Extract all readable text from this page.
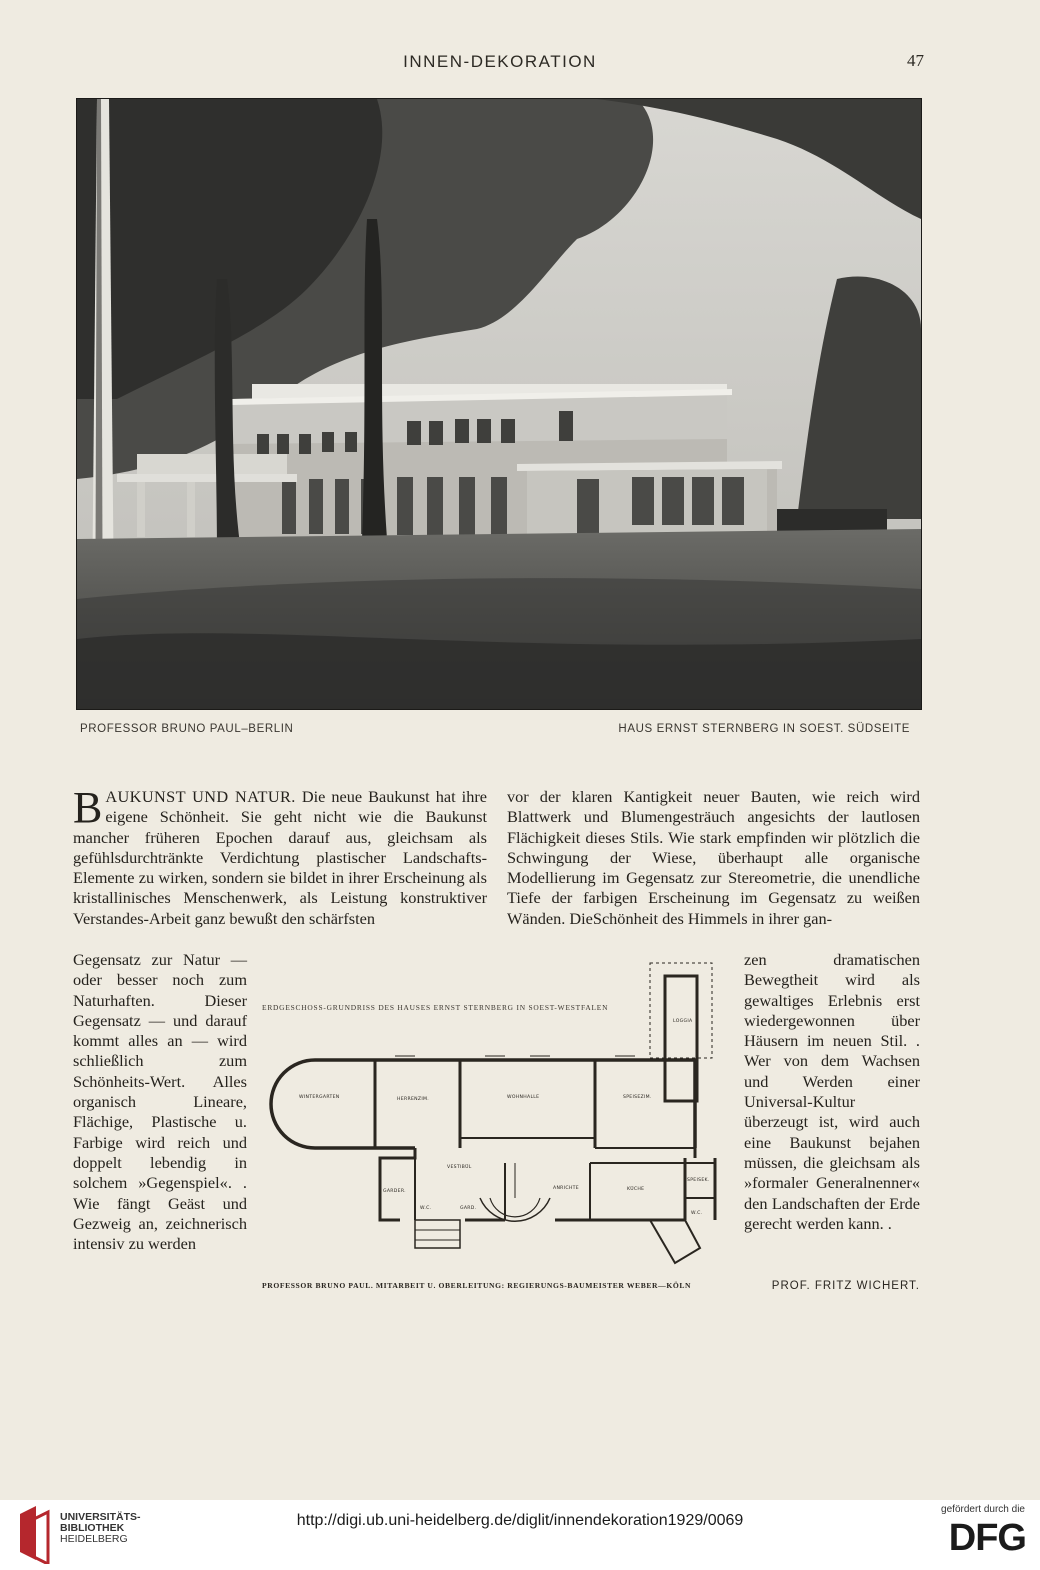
INNEN-DEKORATION	47
PROFESSOR BRUNO PAUL–BERLIN	HAUS ERNST STERNBERG IN SOEST. SÜDSEITE
BAUKUNST UND NATUR. Die neue Baukunst hat ihre eigene Schönheit. Sie geht nicht wie die Baukunst mancher früheren Epochen darauf aus, gleichsam als gefühlsdurchtränkte Verdichtung plastischer Landschafts-Elemente zu wirken, sondern sie bildet in ihrer Erscheinung als kristallinisches Menschenwerk, als Leistung konstruktiver Verstandes-Arbeit ganz bewußt den schärfsten
vor der klaren Kantigkeit neuer Bauten, wie reich wird Blattwerk und Blumengesträuch angesichts der lautlosen Flächigkeit dieses Stils. Wie stark empfinden wir plötzlich die Schwingung der Wiese, überhaupt alle organische Modellierung im Gegensatz zur Stereometrie, die unendliche Tiefe der farbigen Erscheinung im Gegensatz zu weißen Wänden. DieSchönheit des Himmels in ihrer gan-
Gegensatz zur Natur — oder besser noch zum Naturhaften. Dieser Gegensatz — und darauf kommt alles an — wird schließlich zum Schönheits-Wert. Alles organisch Lineare, Flächige, Plastische u. Farbige wird reich und doppelt lebendig in solchem »Gegenspiel«. . Wie fängt Geäst und Gezweig an, zeichnerisch intensiv zu werden
zen dramatischen Bewegtheit wird als gewaltiges Erlebnis erst wiedergewonnen über Häusern im neuen Stil. . Wer von dem Wachsen und Werden einer Universal-Kultur überzeugt ist, wird auch eine Baukunst bejahen müssen, die gleichsam als »formaler Generalnenner« den Landschaften der Erde gerecht werden kann. .
PROF. FRITZ WICHERT.
ERDGESCHOSS-GRUNDRISS DES HAUSES ERNST STERNBERG IN SOEST-WESTFALEN
LOGGIA
WINTERGARTEN	HERRENZIM.	WOHNHALLE	SPEISEZIM.
VESTIBÜL
GARDER.
W.C.	GARD.
ANRICHTE	KÜCHE
SPEISEK.
W.C.
PROFESSOR BRUNO PAUL. MITARBEIT U. OBERLEITUNG: REGIERUNGS-BAUMEISTER WEBER—KÖLN
UNIVERSITÄTS-
BIBLIOTHEK
HEIDELBERG
http://digi.ub.uni-heidelberg.de/diglit/innendekoration1929/0069
gefördert durch die
DFG
